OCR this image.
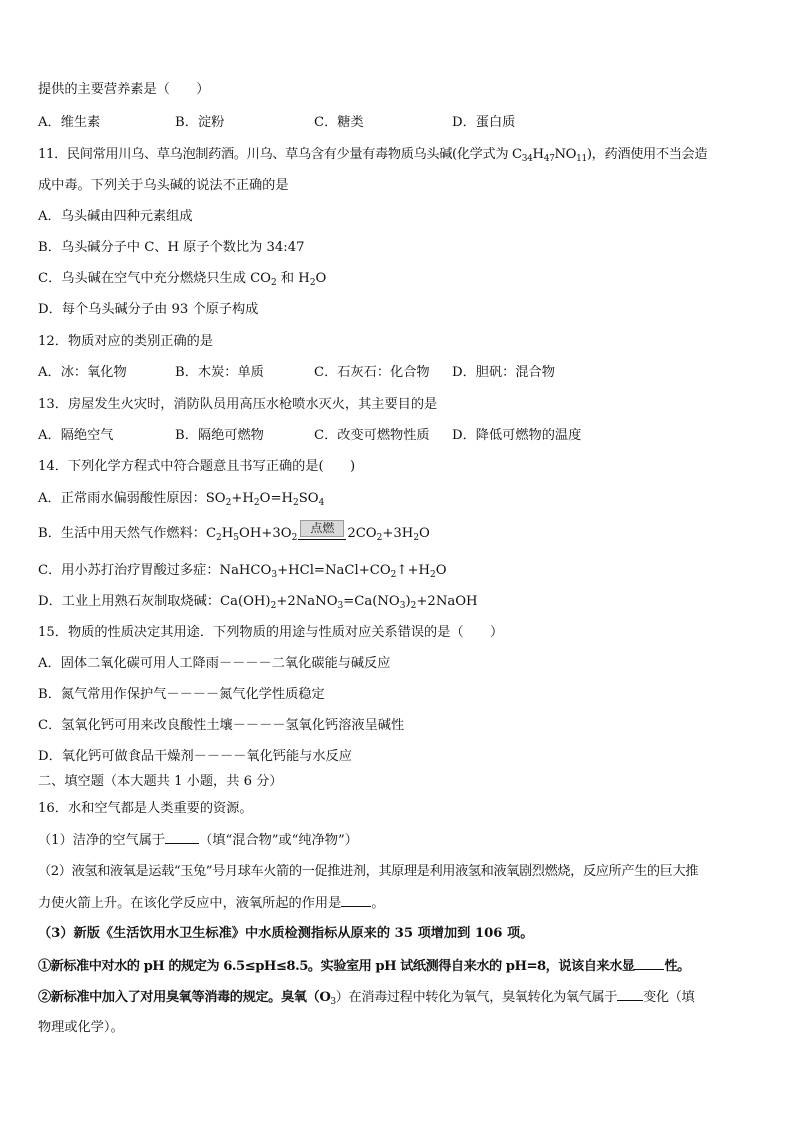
提供的主要营养素是（　　）
A．维生素	B．淀粉	C．糖类	D．蛋白质
11．民间常用川乌、草乌泡制药酒。川乌、草乌含有少量有毒物质乌头碱(化学式为 $C_{34}H_{47}NO_{11}$)，药酒使用不当会造
成中毒。下列关于乌头碱的说法不正确的是
A．乌头碱由四种元素组成
B．乌头碱分子中 C、H 原子个数比为 34:47
C．乌头碱在空气中充分燃烧只生成 $CO_2$ 和 $H_2O$
D．每个乌头碱分子由 93 个原子构成
12．物质对应的类别正确的是
A．冰：氧化物	B．木炭：单质	C．石灰石：化合物 D．胆矾：混合物
13．房屋发生火灾时，消防队员用高压水枪喷水灭火，其主要目的是
A．隔绝空气	B．隔绝可燃物	C．改变可燃物性质 D．降低可燃物的温度
14．下列化学方程式中符合题意且书写正确的是(　　)
A．正常雨水偏弱酸性原因：$SO_2+H_2O=H_2SO_4$
B．生活中用天然气作燃料：$C_2H_5OH+3O_2$
点燃 $2CO_2+3H_2O$
C．用小苏打治疗胃酸过多症：$NaHCO_3+HCl=NaCl+CO_2↑+H_2O$
D．工业上用熟石灰制取烧碱：$Ca(OH)_2+2NaNO_3=Ca(NO_3)_2+2NaOH$
15．物质的性质决定其用途．下列物质的用途与性质对应关系错误的是（　　）
A．固体二氧化碳可用人工降雨－－－－二氧化碳能与碱反应
B．氮气常用作保护气－－－－氮气化学性质稳定
C．氢氧化钙可用来改良酸性土壤－－－－氢氧化钙溶液呈碱性
D．氧化钙可做食品干燥剂－－－－氧化钙能与水反应
二、填空题（本大题共 1 小题，共 6 分）
16．水和空气都是人类重要的资源。
（1）洁净的空气属于	（填“混合物”或“纯净物”）
（2）液氢和液氧是运载“玉兔”号月球车火箭的一促推进剂，其原理是利用液氢和液氧剧烈燃烧，反应所产生的巨大推
力使火箭上升。在该化学反应中，液氧所起的作用是 。
（3）新版《生活饮用水卫生标准》中水质检测指标从原来的 35 项增加到 106 项。
①新标准中对水的 pH 的规定为 6.5≤pH≤8.5。实验室用 pH 试纸测得自来水的 pH=8，说该自来水显 性。
②新标准中加入了对用臭氧等消毒的规定。臭氧$(O_3)$在消毒过程中转化为氧气，臭氧转化为氧气属于 变化（填
物理或化学）。
